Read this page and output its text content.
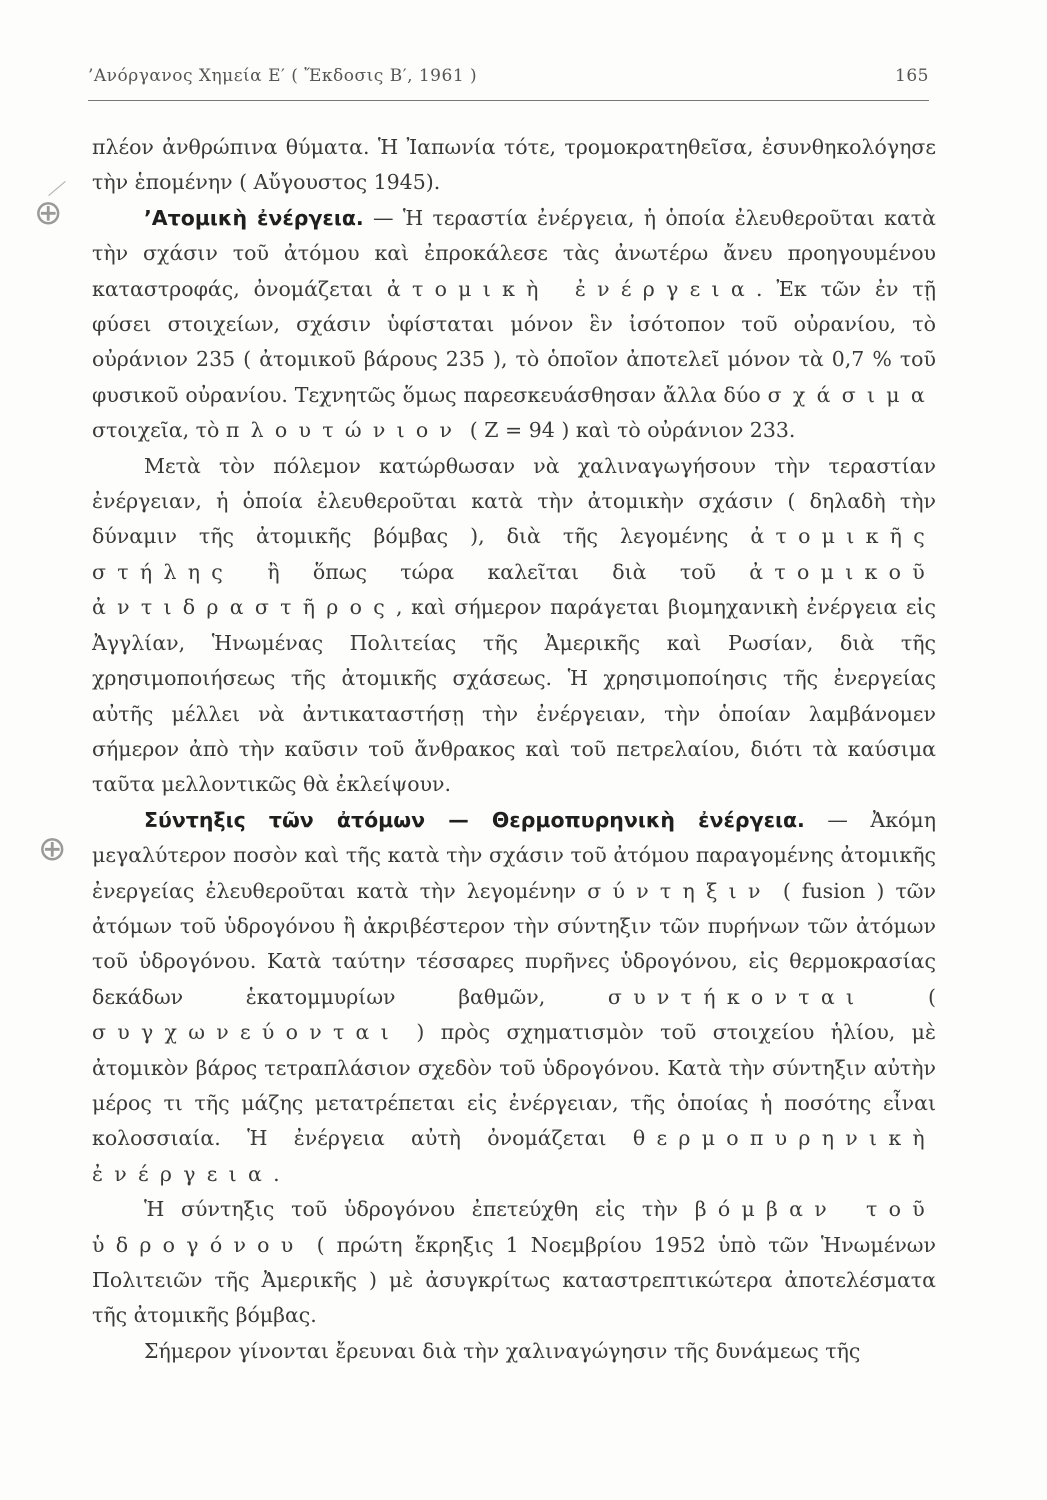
’Ανόργανος Χημεία Ε′ ( Ἔκδοσις Β′, 1961 )	165
⊕
⊕

πλέον ἀνθρώπινα θύματα. Ἡ Ἰαπωνία τότε, τρομοκρατηθεῖσα, ἐσυνθηκολόγησε τὴν ἑπομένην ( Αὔγουστος 1945).

’Ατομικὴ ἐνέργεια. — Ἡ τεραστία ἐνέργεια, ἡ ὁποία ἐλευθεροῦται κατὰ τὴν σχάσιν τοῦ ἀτόμου καὶ ἐπροκάλεσε τὰς ἀνωτέρω ἄνευ προηγουμένου καταστροφάς, ὀνομάζεται ἀτομικὴ ἐνέργεια. Ἐκ τῶν ἐν τῇ φύσει στοιχείων, σχάσιν ὑφίσταται μόνον ἓν ἰσότοπον τοῦ οὐρανίου, τὸ οὐράνιον 235 ( ἀτομικοῦ βάρους 235 ), τὸ ὁποῖον ἀποτελεῖ μόνον τὰ 0,7 % τοῦ φυσικοῦ οὐρανίου. Τεχνητῶς ὅμως παρεσκευάσθησαν ἄλλα δύο σχάσιμα στοιχεῖα, τὸ πλουτώνιον ( Z = 94 ) καὶ τὸ οὐράνιον 233.

Μετὰ τὸν πόλεμον κατώρθωσαν νὰ χαλιναγωγήσουν τὴν τεραστίαν ἐνέργειαν, ἡ ὁποία ἐλευθεροῦται κατὰ τὴν ἀτομικὴν σχάσιν ( δηλαδὴ τὴν δύναμιν τῆς ἀτομικῆς βόμβας ), διὰ τῆς λεγομένης ἀτομικῆς στήλης ἢ ὅπως τώρα καλεῖται διὰ τοῦ ἀτομικοῦ ἀντιδραστῆρος, καὶ σήμερον παράγεται βιομηχανικὴ ἐνέργεια εἰς Ἀγγλίαν, Ἡνωμένας Πολιτείας τῆς Ἀμερικῆς καὶ Ρωσίαν, διὰ τῆς χρησιμοποιήσεως τῆς ἀτομικῆς σχάσεως. Ἡ χρησιμοποίησις τῆς ἐνεργείας αὐτῆς μέλλει νὰ ἀντικαταστήσῃ τὴν ἐνέργειαν, τὴν ὁποίαν λαμβάνομεν σήμερον ἀπὸ τὴν καῦσιν τοῦ ἄνθρακος καὶ τοῦ πετρελαίου, διότι τὰ καύσιμα ταῦτα μελλοντικῶς θὰ ἐκλείψουν.

Σύντηξις τῶν ἀτόμων — Θερμοπυρηνικὴ ἐνέργεια. — Ἀκόμη μεγαλύτερον ποσὸν καὶ τῆς κατὰ τὴν σχάσιν τοῦ ἀτόμου παραγομένης ἀτομικῆς ἐνεργείας ἐλευθεροῦται κατὰ τὴν λεγομένην σύντηξιν ( fusion ) τῶν ἀτόμων τοῦ ὑδρογόνου ἢ ἀκριβέστερον τὴν σύντηξιν τῶν πυρήνων τῶν ἀτόμων τοῦ ὑδρογόνου. Κατὰ ταύτην τέσσαρες πυρῆνες ὑδρογόνου, εἰς θερμοκρασίας δεκάδων ἑκατομμυρίων βαθμῶν, συντήκονται ( συγχωνεύονται ) πρὸς σχηματισμὸν τοῦ στοιχείου ἡλίου, μὲ ἀτομικὸν βάρος τετραπλάσιον σχεδὸν τοῦ ὑδρογόνου. Κατὰ τὴν σύντηξιν αὐτὴν μέρος τι τῆς μάζης μετατρέπεται εἰς ἐνέργειαν, τῆς ὁποίας ἡ ποσότης εἶναι κολοσσιαία. Ἡ ἐνέργεια αὐτὴ ὀνομάζεται θερμοπυρηνικὴ ἐνέργεια.

Ἡ σύντηξις τοῦ ὑδρογόνου ἐπετεύχθη εἰς τὴν βόμβαν τοῦ ὑδρογόνου ( πρώτη ἔκρηξις 1 Νοεμβρίου 1952 ὑπὸ τῶν Ἡνωμένων Πολιτειῶν τῆς Ἀμερικῆς ) μὲ ἀσυγκρίτως καταστρεπτικώτερα ἀποτελέσματα τῆς ἀτομικῆς βόμβας.

Σήμερον γίνονται ἔρευναι διὰ τὴν χαλιναγώγησιν τῆς δυνάμεως τῆς
